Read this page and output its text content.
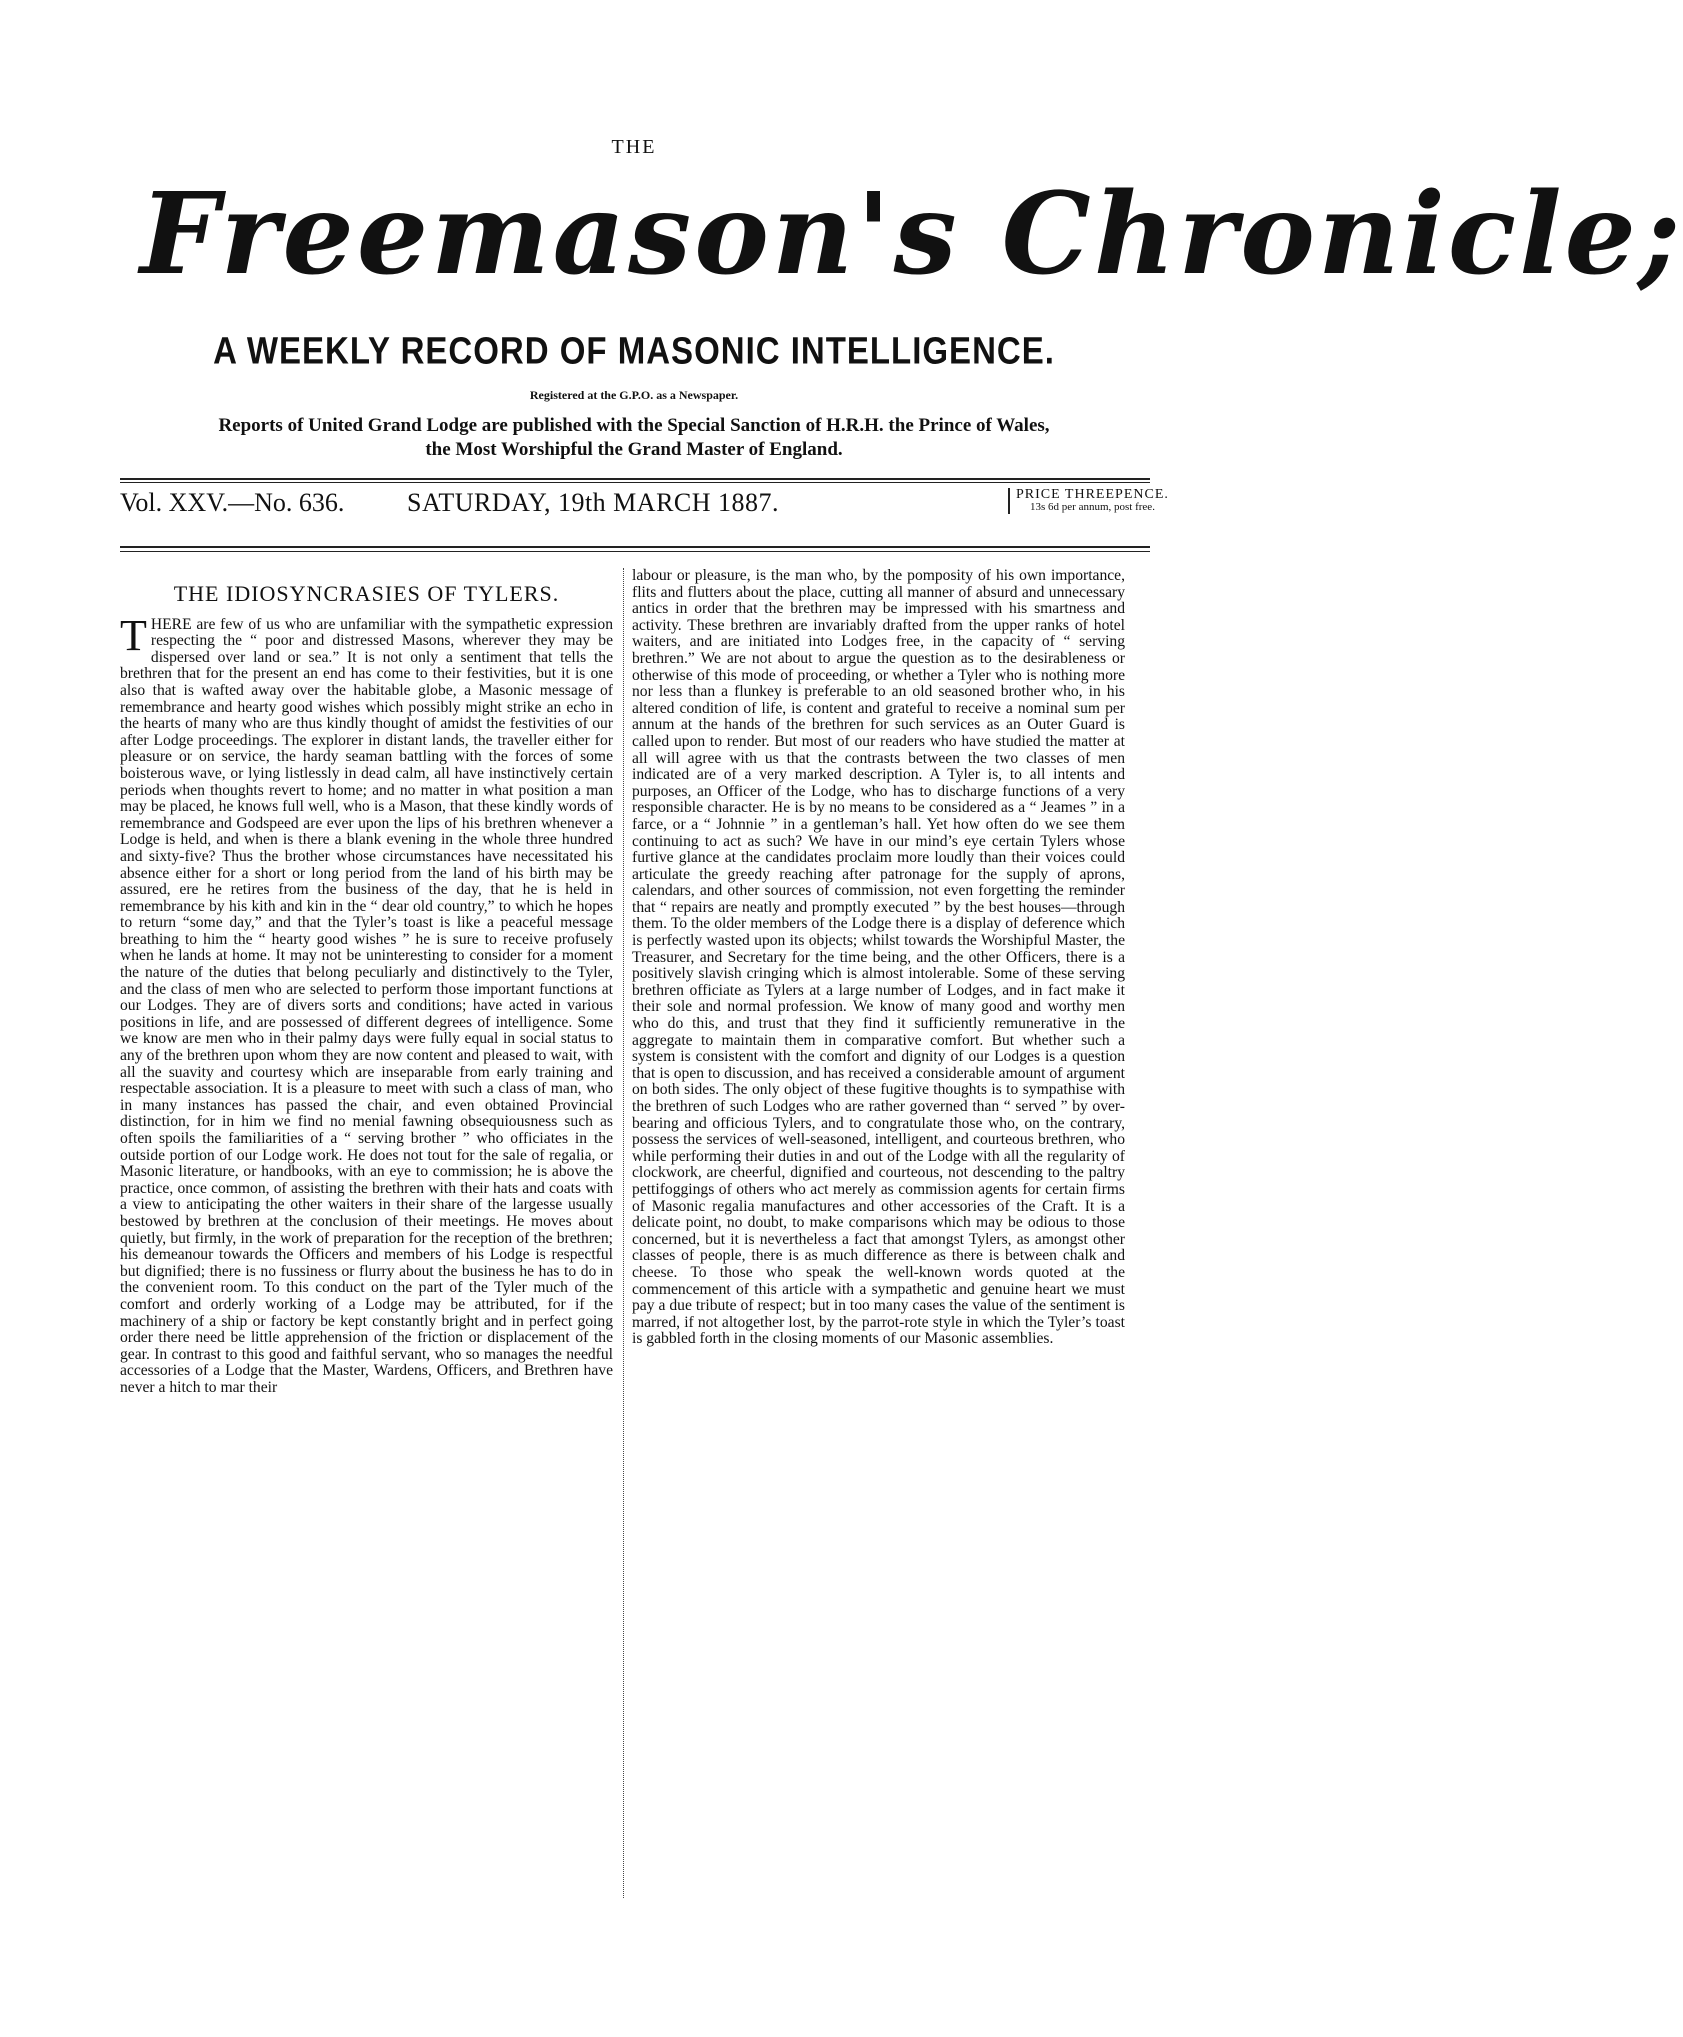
THE
Freemason's Chronicle;
A WEEKLY RECORD OF MASONIC INTELLIGENCE.
Registered at the G.P.O. as a Newspaper.
Reports of United Grand Lodge are published with the Special Sanction of H.R.H. the Prince of Wales,
the Most Worshipful the Grand Master of England.
Vol. XXV.—No. 636. SATURDAY, 19th MARCH 1887.	PRICE THREEPENCE.
13s 6d per annum, post free.
THE IDIOSYNCRASIES OF TYLERS.

THERE are few of us who are unfamiliar with the sympathetic expression respecting the “ poor and distressed Masons, wherever they may be dispersed over land or sea.” It is not only a sentiment that tells the brethren that for the present an end has come to their festivities, but it is one also that is wafted away over the habitable globe, a Masonic message of remembrance and hearty good wishes which possibly might strike an echo in the hearts of many who are thus kindly thought of amidst the festivities of our after Lodge proceedings. The explorer in distant lands, the traveller either for pleasure or on service, the hardy seaman battling with the forces of some boisterous wave, or lying listlessly in dead calm, all have instinctively certain periods when thoughts revert to home; and no matter in what position a man may be placed, he knows full well, who is a Mason, that these kindly words of remembrance and Godspeed are ever upon the lips of his brethren whenever a Lodge is held, and when is there a blank evening in the whole three hundred and sixty-five? Thus the brother whose circumstances have necessitated his absence either for a short or long period from the land of his birth may be assured, ere he retires from the business of the day, that he is held in remembrance by his kith and kin in the “ dear old country,” to which he hopes to return “some day,” and that the Tyler’s toast is like a peaceful message breathing to him the “ hearty good wishes ” he is sure to receive profusely when he lands at home. It may not be uninteresting to consider for a moment the nature of the duties that belong peculiarly and distinctively to the Tyler, and the class of men who are selected to perform those important functions at our Lodges. They are of divers sorts and conditions; have acted in various positions in life, and are possessed of different degrees of intelligence. Some we know are men who in their palmy days were fully equal in social status to any of the brethren upon whom they are now content and pleased to wait, with all the suavity and courtesy which are inseparable from early training and respectable association. It is a pleasure to meet with such a class of man, who in many instances has passed the chair, and even obtained Provincial distinction, for in him we find no menial fawning obsequiousness such as often spoils the familiarities of a “ serving brother ” who officiates in the outside portion of our Lodge work. He does not tout for the sale of regalia, or Masonic literature, or handbooks, with an eye to commission; he is above the practice, once common, of assisting the brethren with their hats and coats with a view to anticipating the other waiters in their share of the largesse usually bestowed by brethren at the conclusion of their meetings. He moves about quietly, but firmly, in the work of preparation for the reception of the brethren; his demeanour towards the Officers and members of his Lodge is respectful but dignified; there is no fussiness or flurry about the business he has to do in the convenient room. To this conduct on the part of the Tyler much of the comfort and orderly working of a Lodge may be attributed, for if the machinery of a ship or factory be kept constantly bright and in perfect going order there need be little apprehension of the friction or displacement of the gear. In contrast to this good and faithful servant, who so manages the needful accessories of a Lodge that the Master, Wardens, Officers, and Brethren have never a hitch to mar their

labour or pleasure, is the man who, by the pomposity of his own importance, flits and flutters about the place, cutting all manner of absurd and unnecessary antics in order that the brethren may be impressed with his smartness and activity. These brethren are invariably drafted from the upper ranks of hotel waiters, and are initiated into Lodges free, in the capacity of “ serving brethren.” We are not about to argue the question as to the desirableness or otherwise of this mode of proceeding, or whether a Tyler who is nothing more nor less than a flunkey is preferable to an old seasoned brother who, in his altered condition of life, is content and grateful to receive a nominal sum per annum at the hands of the brethren for such services as an Outer Guard is called upon to render. But most of our readers who have studied the matter at all will agree with us that the contrasts between the two classes of men indicated are of a very marked description. A Tyler is, to all intents and purposes, an Officer of the Lodge, who has to discharge functions of a very responsible character. He is by no means to be considered as a “ Jeames ” in a farce, or a “ Johnnie ” in a gentleman’s hall. Yet how often do we see them continuing to act as such? We have in our mind’s eye certain Tylers whose furtive glance at the candidates proclaim more loudly than their voices could articulate the greedy reaching after patronage for the supply of aprons, calendars, and other sources of commission, not even forgetting the reminder that “ repairs are neatly and promptly executed ” by the best houses—through them. To the older members of the Lodge there is a display of deference which is perfectly wasted upon its objects; whilst towards the Worshipful Master, the Treasurer, and Secretary for the time being, and the other Officers, there is a positively slavish cringing which is almost intolerable. Some of these serving brethren officiate as Tylers at a large number of Lodges, and in fact make it their sole and normal profession. We know of many good and worthy men who do this, and trust that they find it sufficiently remunerative in the aggregate to maintain them in comparative comfort. But whether such a system is consistent with the comfort and dignity of our Lodges is a question that is open to discussion, and has received a considerable amount of argument on both sides. The only object of these fugitive thoughts is to sympathise with the brethren of such Lodges who are rather governed than “ served ” by over-bearing and officious Tylers, and to congratulate those who, on the contrary, possess the services of well-seasoned, intelligent, and courteous brethren, who while performing their duties in and out of the Lodge with all the regularity of clockwork, are cheerful, dignified and courteous, not descending to the paltry pettifoggings of others who act merely as commission agents for certain firms of Masonic regalia manufactures and other accessories of the Craft. It is a delicate point, no doubt, to make comparisons which may be odious to those concerned, but it is nevertheless a fact that amongst Tylers, as amongst other classes of people, there is as much difference as there is between chalk and cheese. To those who speak the well-known words quoted at the commencement of this article with a sympathetic and genuine heart we must pay a due tribute of respect; but in too many cases the value of the sentiment is marred, if not altogether lost, by the parrot-rote style in which the Tyler’s toast is gabbled forth in the closing moments of our Masonic assemblies.
